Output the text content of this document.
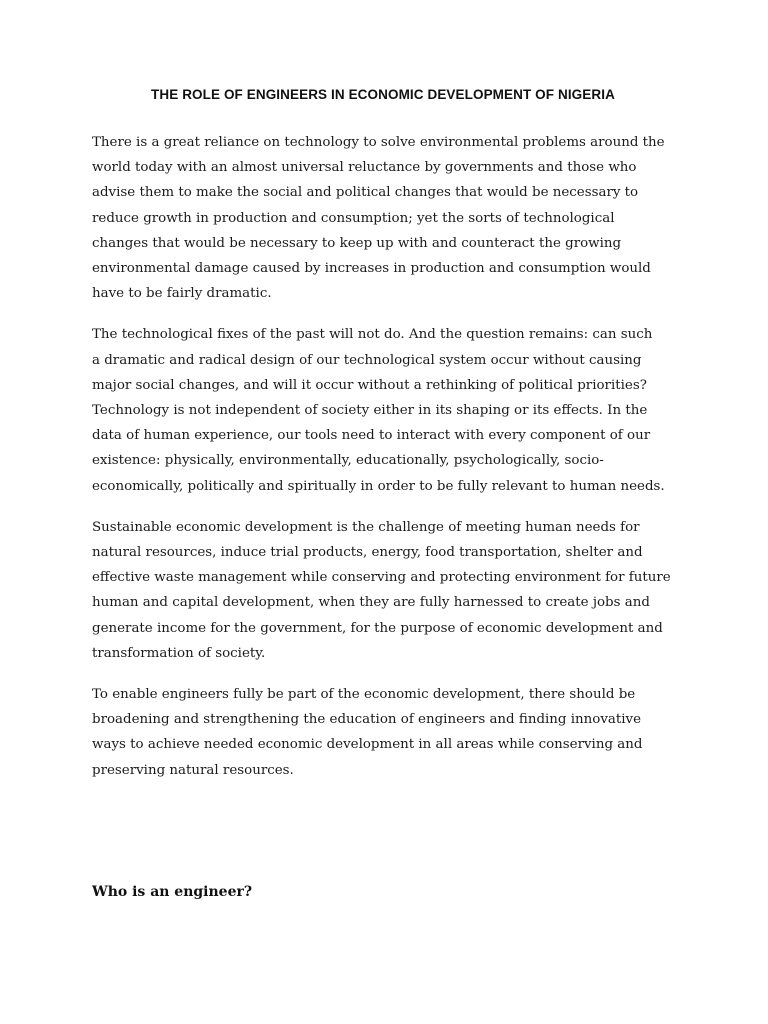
THE ROLE OF ENGINEERS IN ECONOMIC DEVELOPMENT OF NIGERIA

There is a great reliance on technology to solve environmental problems around the
world today with an almost universal reluctance by governments and those who
advise them to make the social and political changes that would be necessary to
reduce growth in production and consumption; yet the sorts of technological
changes that would be necessary to keep up with and counteract the growing
environmental damage caused by increases in production and consumption would
have to be fairly dramatic.

The technological fixes of the past will not do. And the question remains: can such
a dramatic and radical design of our technological system occur without causing
major social changes, and will it occur without a rethinking of political priorities?
Technology is not independent of society either in its shaping or its effects. In the
data of human experience, our tools need to interact with every component of our
existence: physically, environmentally, educationally, psychologically, socio-
economically, politically and spiritually in order to be fully relevant to human needs.

Sustainable economic development is the challenge of meeting human needs for
natural resources, induce trial products, energy, food transportation, shelter and
effective waste management while conserving and protecting environment for future
human and capital development, when they are fully harnessed to create jobs and
generate income for the government, for the purpose of economic development and
transformation of society.

To enable engineers fully be part of the economic development, there should be
broadening and strengthening the education of engineers and finding innovative
ways to achieve needed economic development in all areas while conserving and
preserving natural resources.

Who is an engineer?
